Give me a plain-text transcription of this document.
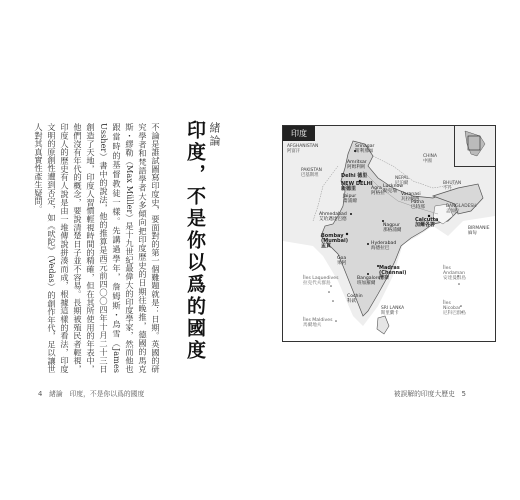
緒論
印度，不是你以爲的國度
不論是誰試圖寫印度史，要面對的第一個難題就是：日期。英國的研究學者和梵語學者大多傾向把印度歷史的日期往晚推，德國的馬克斯・繆勒（Max Müller）是十九世紀最偉大的印度學家，然而他也跟當時的基督教徒一樣。先講過學年，詹姆斯・烏雪（James Ussher）書中的說法，他的推算是西元前四〇〇四年十月二十三日創造了天地，印度人習慣輕視時間的精確，但在其所使用的年表中，他們沒有年代的概念，要說清楚日子並不容易。長期被殖民者輕視，印度人的歷史有人說是由一堆傳說拼湊而成，根據這樣的看法，印度文明的原創性遭到否定，如《吠陀》（Vedas）的創作年代，足以讓世人對其真實性產生疑問。
4　緒論　印度，不是你以爲的國度
印度
AFGHANISTAN
阿富汗
PAKISTAN
巴基斯坦
CHINA
中國
NEPAL
尼泊爾	BHUTAN
不丹
BANGLADESH
孟加拉
BIRMANIE
緬甸
SRI LANKA
斯里蘭卡
Srinagar
斯利那加
Amritsar
阿姆利則
Delhi 德里
NEW DELHI
新德里	Agra
阿格拉
Jaipur
齋浦爾
Lucknow
勒克瑙
Varanasi
瓦拉納西
Patna
巴特那
Ahmedabad
艾哈邁達巴德
Nagpur
那格浦爾
Calcutta
加爾各答
Bombay
(Mumbai)
孟買	Hyderabad
海德拉巴
Goa
果阿
Madras
(Chennai)
清奈
Bangalore
班加羅爾
Cochin
科欽
Îles Laquedives
拉克代夫群島
Îles Maldives
馬爾地夫
Îles
Andaman
安達曼群島
Îles
Nicobar
尼科巴群島
被誤解的印度大歷史　5
